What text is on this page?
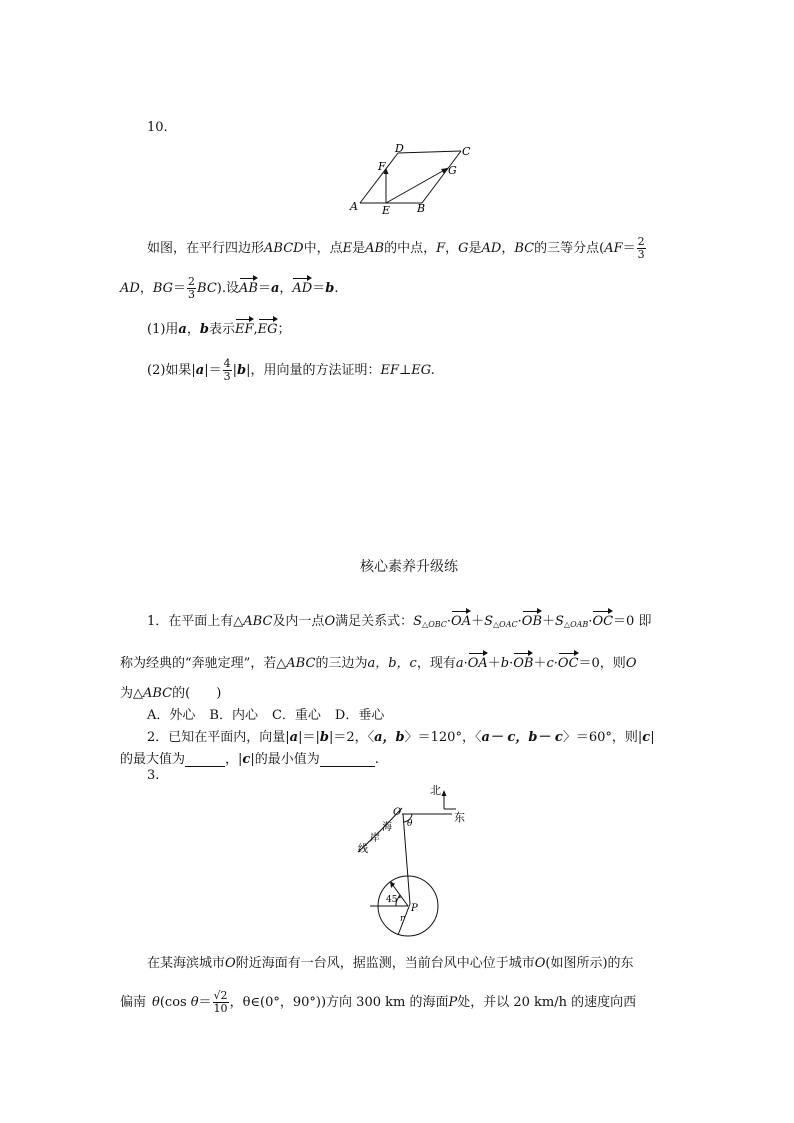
10.
A	B
C
D
E
F	G
如图，在平行四边形ABCD中，点E是AB的中点，F，G是AD，BC的三等分点($AF= \frac{2}{3}$
AD，$BG= \frac{2}{3} BC$).设AB＝a，AD＝b.
(1)用a，b表示EF,EG；
(2)如果$|a|= \frac{4}{3} |b|$，用向量的方法证明：EF⊥EG.
核心素养升级练
1．在平面上有△ABC及内一点O满足关系式：$S_{\triangle OBC}\cdot OA+S_{\triangle OAC}\cdot OB+S_{\triangle OAB}\cdot OC=0$ 即
称为经典的“奔驰定理”，若△ABC的三边为a，b，c，现有a·OA＋b·OB＋c·OC＝0，则O
为△ABC的(　　)
A．外心 B．内心 C．重心 D．垂心
2．已知在平面内，向量|a|＝|b|＝2，〈a，b〉＝120°，〈a－ c，b－ c〉＝60°，则|c|
的最大值为	，|c|的最小值为	.
3.
北
东
O
θ
海
岸
线
45°
P
r
在某海滨城市O附近海面有一台风，据监测，当前台风中心位于城市O(如图所示)的东
偏南 θ(cos $\theta= \frac{√2}{10}$ ，θ∈(0°，90°))方向 300 km 的海面P处，并以 20 km/h 的速度向西
